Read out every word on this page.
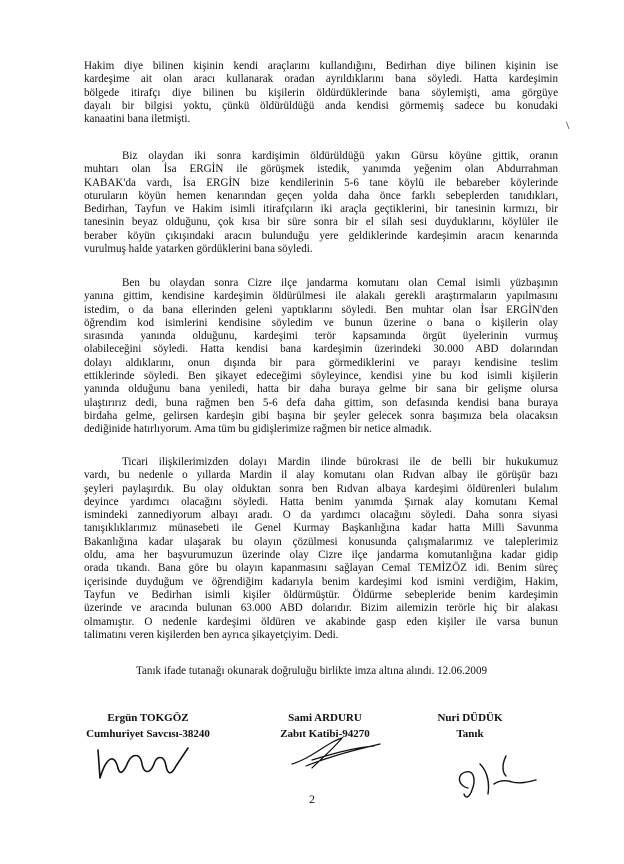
Hakim diye bilinen kişinin kendi araçlarını kullandığını, Bedirhan diye bilinen kişinin ise
kardeşime ait olan aracı kullanarak oradan ayrıldıklarını bana söyledi. Hatta kardeşimin
bölgede itirafçı diye bilinen bu kişilerin öldürdüklerinde bana söylemişti, ama görgüye
dayalı bir bilgisi yoktu, çünkü öldürüldüğü anda kendisi görmemiş sadece bu konudaki
kanaatini bana iletmişti.
Biz olaydan iki sonra kardişimin öldürüldüğü yakın Gürsu köyüne gittik, oranın
muhtarı olan İsa ERGİN ile görüşmek istedik, yanımda yeğenim olan Abdurrahman
KABAK'da vardı, İsa ERGİN bize kendilerinin 5-6 tane köylü ile bebareber köylerinde
oturuların köyün hemen kenarından geçen yolda daha önce farklı sebeplerden tanıdıkları,
Bedirhan, Tayfun ve Hakim isimli itirafçıların iki araçla geçtiklerini, bir tanesinin kırmızı, bir
tanesinin beyaz olduğunu, çok kısa bir süre sonra bir el silah sesi duyduklarını, köylüler ile
beraber köyün çıkışındaki aracın bulunduğu yere geldiklerinde kardeşimin aracın kenarında
vurulmuş halde yatarken gördüklerini bana söyledi.
Ben bu olaydan sonra Cizre ilçe jandarma komutanı olan Cemal isimli yüzbaşının
yanına gittim, kendisine kardeşimin öldürülmesi ile alakalı gerekli araştırmaların yapılmasını
istedim, o da bana ellerinden geleni yaptıklarını söyledi. Ben muhtar olan İsar ERGİN'den
öğrendim kod isimlerini kendisine söyledim ve bunun üzerine o bana o kişilerin olay
sırasında yanında olduğunu, kardeşimi terör kapsamında örgüt üyelerinin vurmuş
olabileceğini söyledi. Hatta kendisi bana kardeşimin üzerindeki 30.000 ABD dolarından
dolayı aldıklarını, onun dışında bir para görmediklerini ve parayı kendisine teslim
ettiklerinde söyledi. Ben şikayet edeceğimi söyleyince, kendisi yine bu kod isimli kişilerin
yanında olduğunu bana yeniledi, hatta bir daha buraya gelme bir sana bir gelişme olursa
ulaştırırız dedi, buna rağmen ben 5-6 defa daha gittim, son defasında kendisi bana buraya
birdaha gelme, gelirsen kardeşin gibi başına bir şeyler gelecek sonra başımıza bela olacaksın
dediğinide hatırlıyorum. Ama tüm bu gidişlerimize rağmen bir netice almadık.
Ticari ilişkilerimizden dolayı Mardin ilinde bürokrasi ile de belli bir hukukumuz
vardı, bu nedenle o yıllarda Mardin il alay komutanı olan Rıdvan albay ile görüşür bazı
şeyleri paylaşırdık. Bu olay olduktan sonra ben Rıdvan albaya kardeşimi öldürenleri bulalım
deyince yardımcı olacağını söyledi. Hatta benim yanımda Şırnak alay komutanı Kemal
ismindeki zannediyorum albayı aradı. O da yardımcı olacağını söyledi. Daha sonra siyasi
tanışıklıklarımız münasebeti ile Genel Kurmay Başkanlığına kadar hatta Milli Savunma
Bakanlığına kadar ulaşarak bu olayın çözülmesi konusunda çalışmalarımız ve taleplerimiz
oldu, ama her başvurumuzun üzerinde olay Cizre ilçe jandarma komutanlığına kadar gidip
orada tıkandı. Bana göre bu olayın kapanmasını sağlayan Cemal TEMİZÖZ idi. Benim süreç
içerisinde duyduğum ve öğrendiğim kadarıyla benim kardeşimi kod ismini verdiğim, Hakim,
Tayfun ve Bedirhan isimli kişiler öldürmüştür. Öldürme sebepleride benim kardeşimin
üzerinde ve aracında bulunan 63.000 ABD dolarıdır. Bizim ailemizin terörle hiç bir alakası
olmamıştır. O nedenle kardeşimi öldüren ve akabinde gasp eden kişiler ile varsa bunun
talimatını veren kişilerden ben ayrıca şikayetçiyim. Dedi.
Tanık ifade tutanağı okunarak doğruluğu birlikte imza altına alındı. 12.06.2009
\
Ergün TOKGÖZ
Cumhuriyet Savcısı-38240
Sami ARDURU
Zabıt Katibi-94270
Nuri DÜDÜK
Tanık
2
